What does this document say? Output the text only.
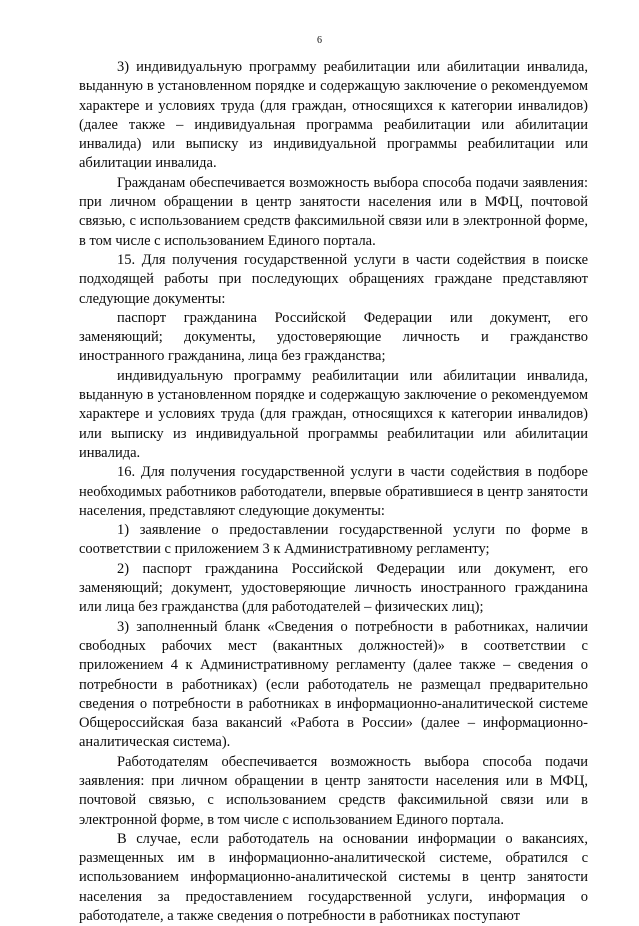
6

3) индивидуальную программу реабилитации или абилитации инвалида, выданную в установленном порядке и содержащую заключение о рекомендуемом характере и условиях труда (для граждан, относящихся к категории инвалидов) (далее также – индивидуальная программа реабилитации или абилитации инвалида) или выписку из индивидуальной программы реабилитации или абилитации инвалида.

Гражданам обеспечивается возможность выбора способа подачи заявления: при личном обращении в центр занятости населения или в МФЦ, почтовой связью, с использованием средств факсимильной связи или в электронной форме, в том числе с использованием Единого портала.

15. Для получения государственной услуги в части содействия в поиске подходящей работы при последующих обращениях граждане представляют следующие документы:

паспорт гражданина Российской Федерации или документ, его заменяющий; документы, удостоверяющие личность и гражданство иностранного гражданина, лица без гражданства;

индивидуальную программу реабилитации или абилитации инвалида, выданную в установленном порядке и содержащую заключение о рекомендуемом характере и условиях труда (для граждан, относящихся к категории инвалидов) или выписку из индивидуальной программы реабилитации или абилитации инвалида.

16. Для получения государственной услуги в части содействия в подборе необходимых работников работодатели, впервые обратившиеся в центр занятости населения, представляют следующие документы:

1) заявление о предоставлении государственной услуги по форме в соответствии с приложением 3 к Административному регламенту;

2) паспорт гражданина Российской Федерации или документ, его заменяющий; документ, удостоверяющие личность иностранного гражданина или лица без гражданства (для работодателей – физических лиц);

3) заполненный бланк «Сведения о потребности в работниках, наличии свободных рабочих мест (вакантных должностей)» в соответствии с приложением 4 к Административному регламенту (далее также – сведения о потребности в работниках) (если работодатель не размещал предварительно сведения о потребности в работниках в информационно-аналитической системе Общероссийская база вакансий «Работа в России» (далее – информационно-аналитическая система).

Работодателям обеспечивается возможность выбора способа подачи заявления: при личном обращении в центр занятости населения или в МФЦ, почтовой связью, с использованием средств факсимильной связи или в электронной форме, в том числе с использованием Единого портала.

В случае, если работодатель на основании информации о вакансиях, размещенных им в информационно-аналитической системе, обратился с использованием информационно-аналитической системы в центр занятости населения за предоставлением государственной услуги, информация о работодателе, а также сведения о потребности в работниках поступают
